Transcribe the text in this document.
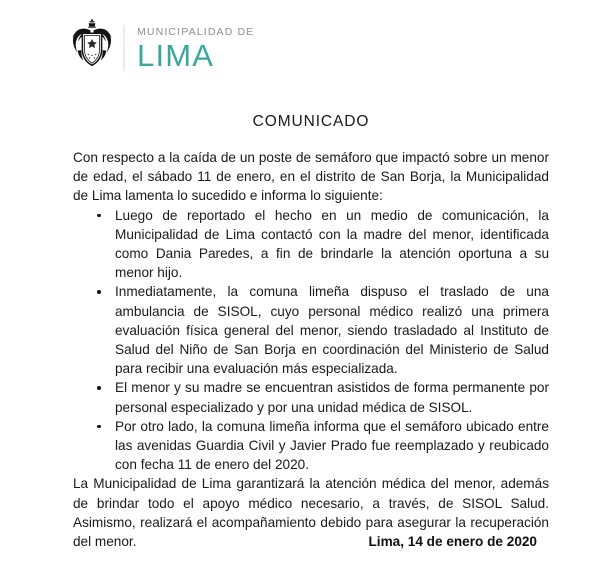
MUNICIPALIDAD DE
LIMA
COMUNICADO

Con respecto a la caída de un poste de semáforo que impactó sobre un menor de edad, el sábado 11 de enero, en el distrito de San Borja, la Municipalidad de Lima lamenta lo sucedido e informa lo siguiente:

Luego de reportado el hecho en un medio de comunicación, la Municipalidad de Lima contactó con la madre del menor, identificada como Dania Paredes, a fin de brindarle la atención oportuna a su menor hijo.
Inmediatamente, la comuna limeña dispuso el traslado de una ambulancia de SISOL, cuyo personal médico realizó una primera evaluación física general del menor, siendo trasladado al Instituto de Salud del Niño de San Borja en coordinación del Ministerio de Salud para recibir una evaluación más especializada.
El menor y su madre se encuentran asistidos de forma permanente por personal especializado y por una unidad médica de SISOL.
Por otro lado, la comuna limeña informa que el semáforo ubicado entre las avenidas Guardia Civil y Javier Prado fue reemplazado y reubicado con fecha 11 de enero del 2020.

La Municipalidad de Lima garantizará la atención médica del menor, además de brindar todo el apoyo médico necesario, a través, de SISOL Salud. Asimismo, realizará el acompañamiento debido para asegurar la recuperación del menor.	Lima, 14 de enero de 2020
